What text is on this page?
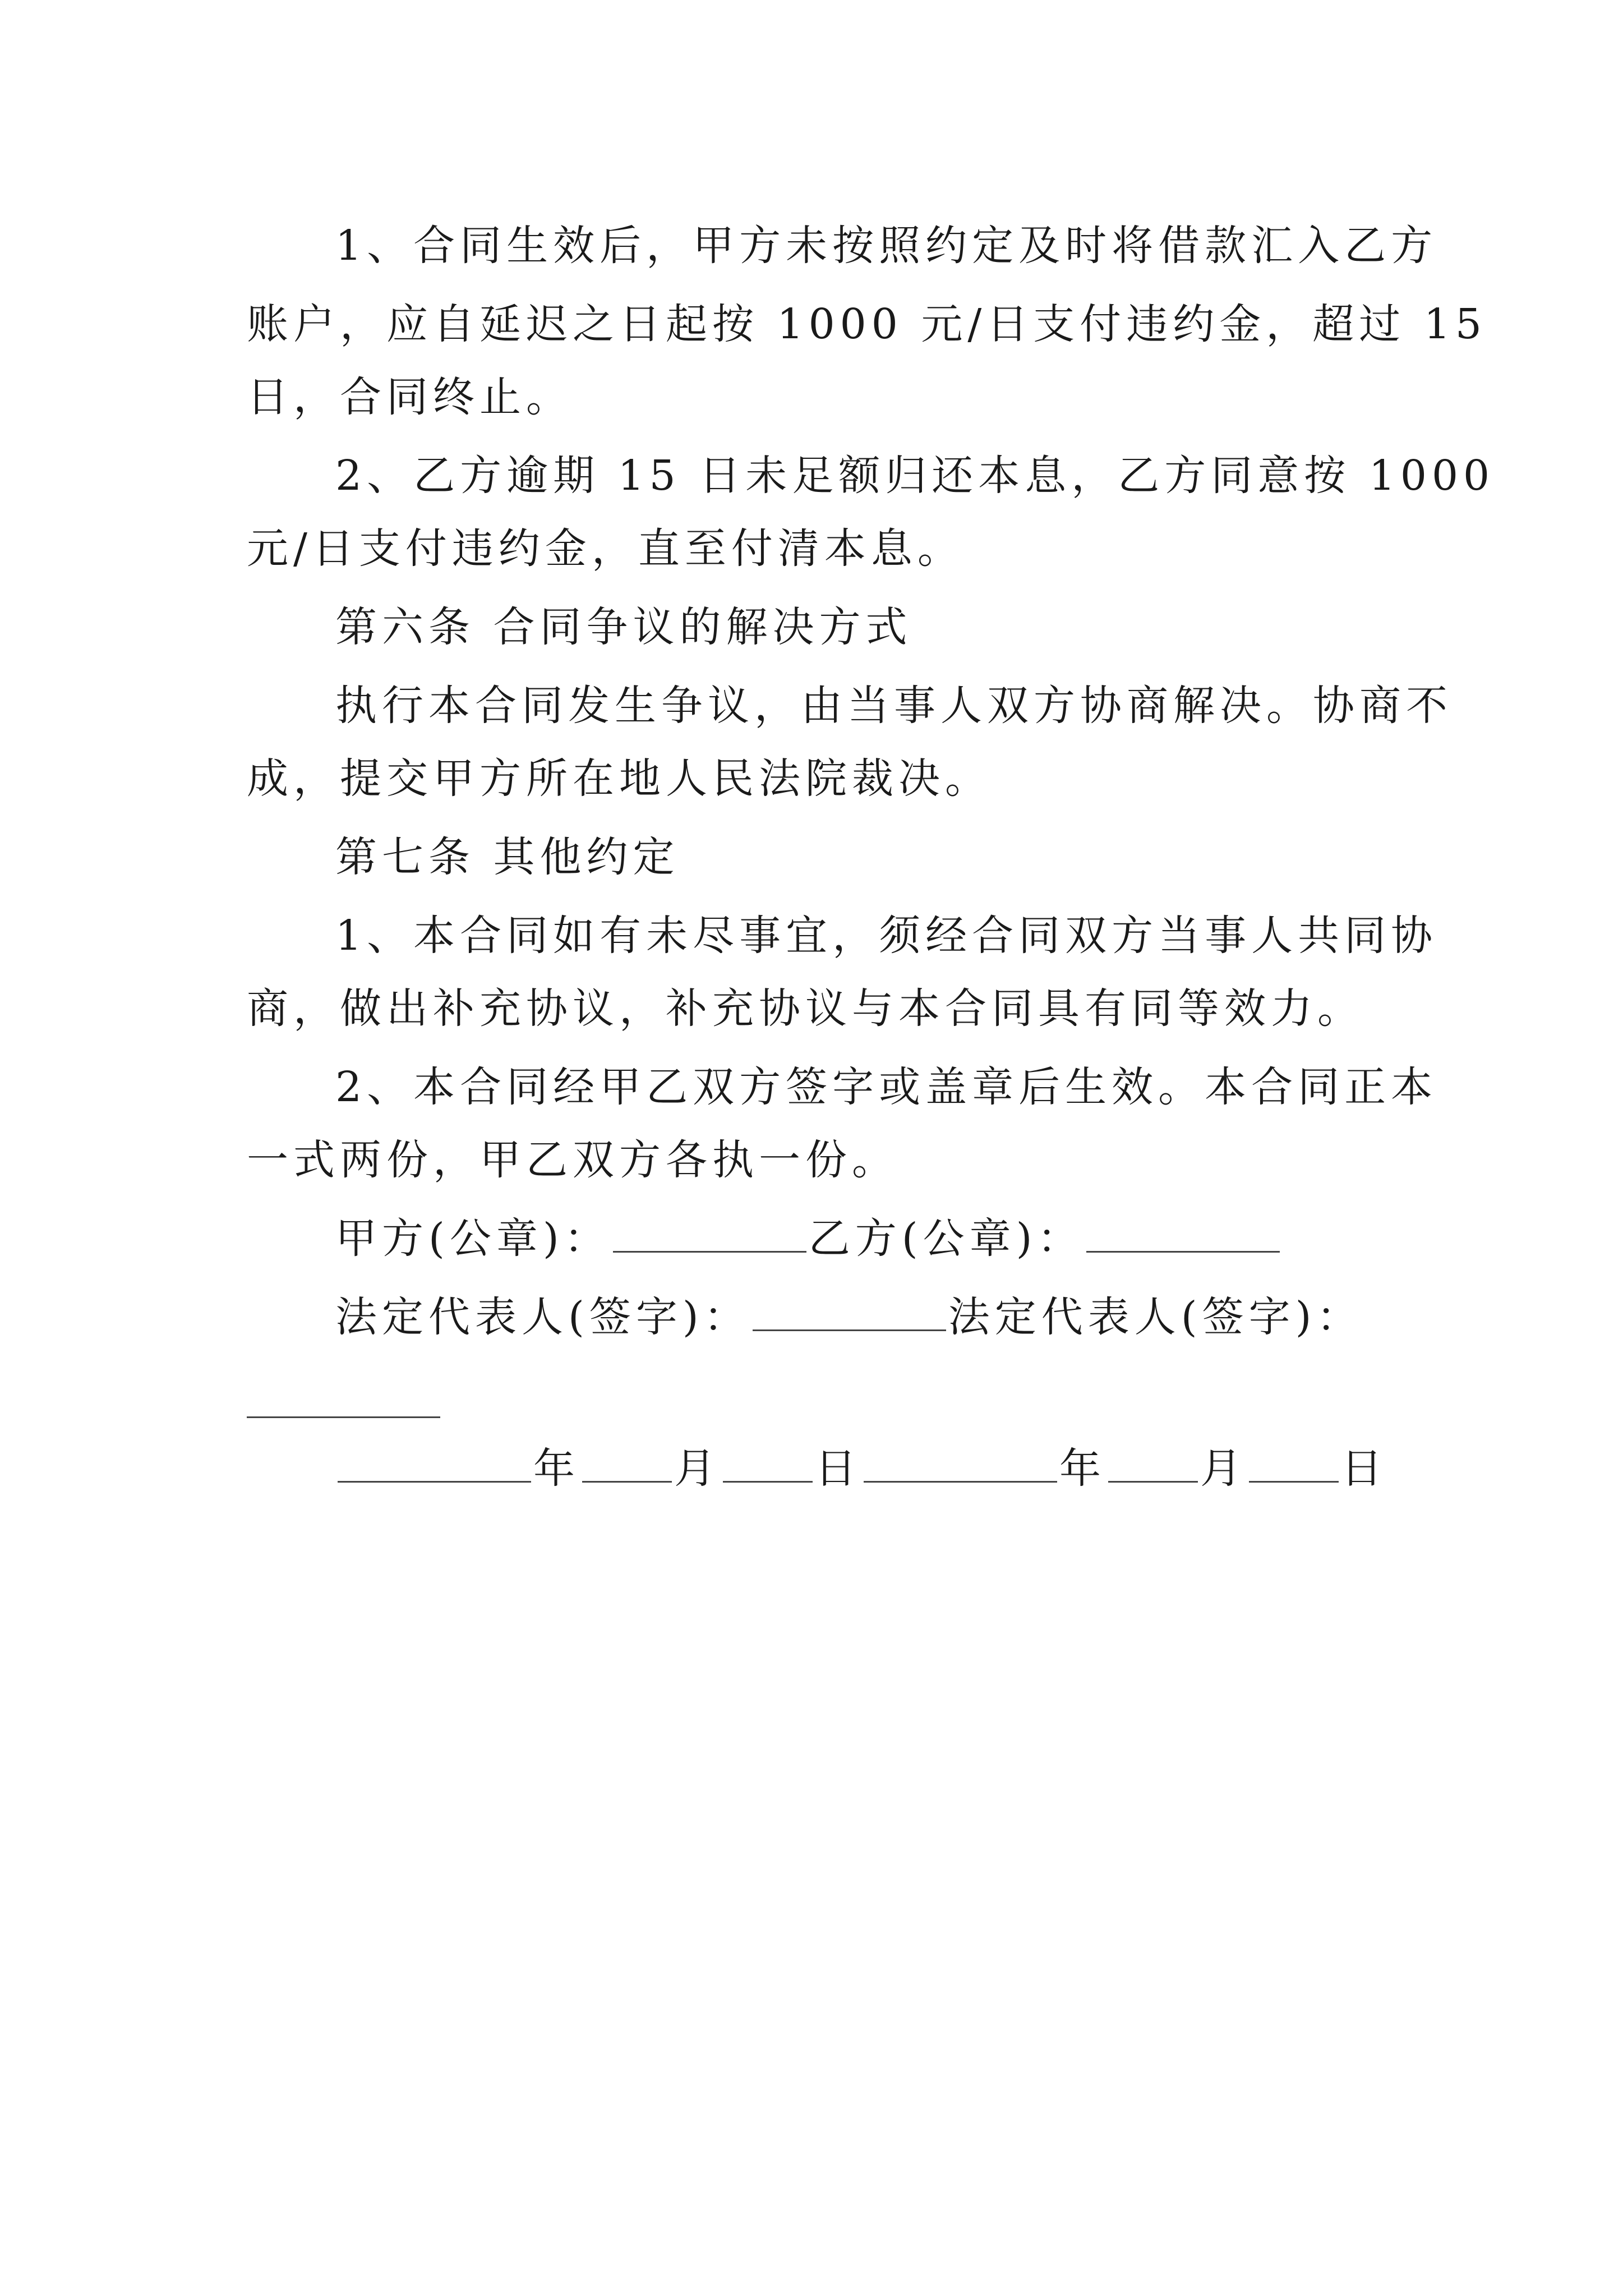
1、合同生效后，甲方未按照约定及时将借款汇入乙方
账户，应自延迟之日起按 1000 元/日支付违约金，超过 15
日，合同终止。
2、乙方逾期 15 日未足额归还本息，乙方同意按 1000
元/日支付违约金，直至付清本息。
第六条 合同争议的解决方式
执行本合同发生争议，由当事人双方协商解决。协商不
成，提交甲方所在地人民法院裁决。
第七条 其他约定
1、本合同如有未尽事宜，须经合同双方当事人共同协
商，做出补充协议，补充协议与本合同具有同等效力。
2、本合同经甲乙双方签字或盖章后生效。本合同正本
一式两份，甲乙双方各执一份。
甲方(公章)：	乙方(公章)：
法定代表人(签字)：	法定代表人(签字)：
年 月 日	年 月 日
